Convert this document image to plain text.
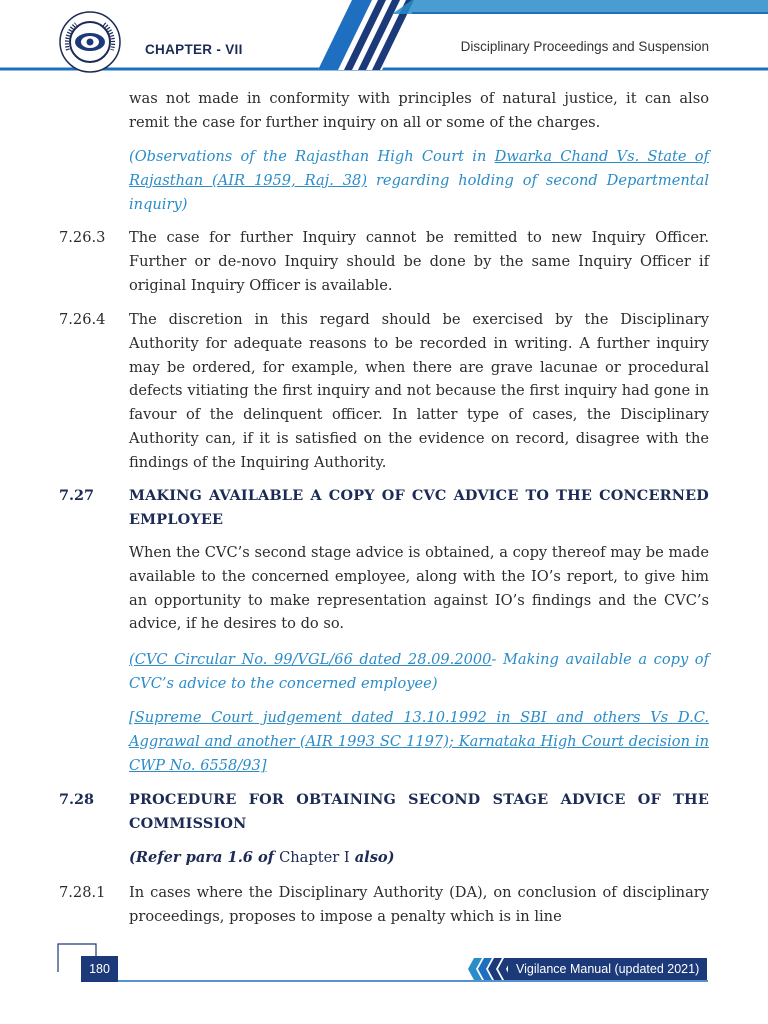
CHAPTER - VII	Disciplinary Proceedings and Suspension
was not made in conformity with principles of natural justice, it can also remit the case for further inquiry on all or some of the charges.
(Observations of the Rajasthan High Court in Dwarka Chand Vs. State of Rajasthan (AIR 1959, Raj. 38) regarding holding of second Departmental inquiry)
7.26.3 The case for further Inquiry cannot be remitted to new Inquiry Officer. Further or de-novo Inquiry should be done by the same Inquiry Officer if original Inquiry Officer is available.
7.26.4 The discretion in this regard should be exercised by the Disciplinary Authority for adequate reasons to be recorded in writing. A further inquiry may be ordered, for example, when there are grave lacunae or procedural defects vitiating the first inquiry and not because the first inquiry had gone in favour of the delinquent officer. In latter type of cases, the Disciplinary Authority can, if it is satisfied on the evidence on record, disagree with the findings of the Inquiring Authority.
7.27 MAKING AVAILABLE A COPY OF CVC ADVICE TO THE CONCERNED EMPLOYEE
When the CVC’s second stage advice is obtained, a copy thereof may be made available to the concerned employee, along with the IO’s report, to give him an opportunity to make representation against IO’s findings and the CVC’s advice, if he desires to do so.
(CVC Circular No. 99/VGL/66 dated 28.09.2000- Making available a copy of CVC’s advice to the concerned employee)
[Supreme Court judgement dated 13.10.1992 in SBI and others Vs D.C. Aggrawal and another (AIR 1993 SC 1197); Karnataka High Court decision in CWP No. 6558/93]
7.28 PROCEDURE FOR OBTAINING SECOND STAGE ADVICE OF THE COMMISSION
(Refer para 1.6 of Chapter I also)
7.28.1 In cases where the Disciplinary Authority (DA), on conclusion of disciplinary proceedings, proposes to impose a penalty which is in line
180	Vigilance Manual (updated 2021)
